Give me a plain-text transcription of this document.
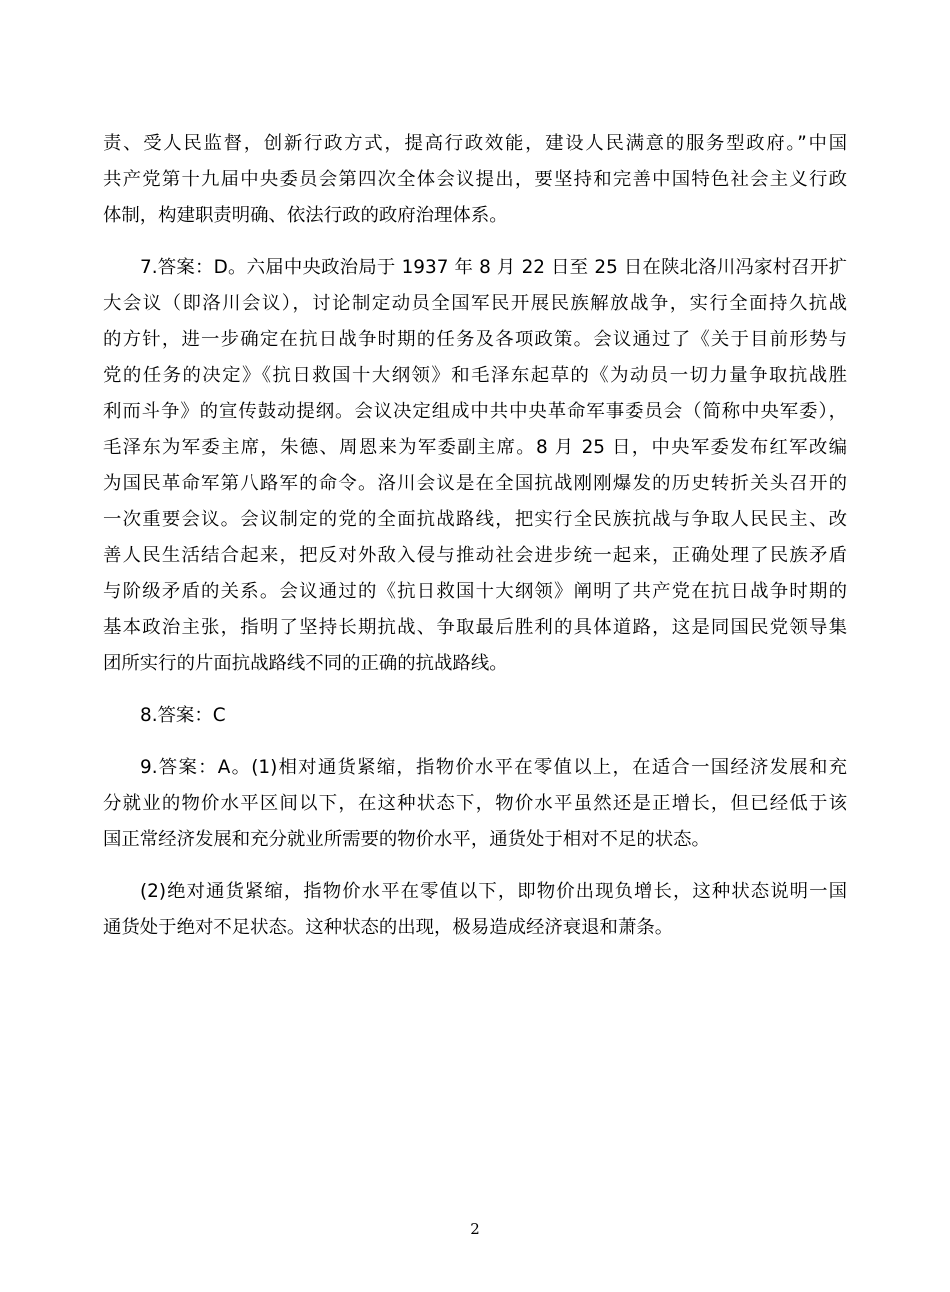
责、受人民监督，创新行政方式，提高行政效能，建设人民满意的服务型政府。”中国
共产党第十九届中央委员会第四次全体会议提出，要坚持和完善中国特色社会主义行政
体制，构建职责明确、依法行政的政府治理体系。
7.答案：D。六届中央政治局于 1937 年 8 月 22 日至 25 日在陕北洛川冯家村召开扩
大会议（即洛川会议），讨论制定动员全国军民开展民族解放战争，实行全面持久抗战
的方针，进一步确定在抗日战争时期的任务及各项政策。会议通过了《关于目前形势与
党的任务的决定》《抗日救国十大纲领》和毛泽东起草的《为动员一切力量争取抗战胜
利而斗争》的宣传鼓动提纲。会议决定组成中共中央革命军事委员会（简称中央军委），
毛泽东为军委主席，朱德、周恩来为军委副主席。8 月 25 日，中央军委发布红军改编
为国民革命军第八路军的命令。洛川会议是在全国抗战刚刚爆发的历史转折关头召开的
一次重要会议。会议制定的党的全面抗战路线，把实行全民族抗战与争取人民民主、改
善人民生活结合起来，把反对外敌入侵与推动社会进步统一起来，正确处理了民族矛盾
与阶级矛盾的关系。会议通过的《抗日救国十大纲领》阐明了共产党在抗日战争时期的
基本政治主张，指明了坚持长期抗战、争取最后胜利的具体道路，这是同国民党领导集
团所实行的片面抗战路线不同的正确的抗战路线。
8.答案：C
9.答案：A。(1)相对通货紧缩，指物价水平在零值以上，在适合一国经济发展和充
分就业的物价水平区间以下，在这种状态下，物价水平虽然还是正增长，但已经低于该
国正常经济发展和充分就业所需要的物价水平，通货处于相对不足的状态。
(2)绝对通货紧缩，指物价水平在零值以下，即物价出现负增长，这种状态说明一国
通货处于绝对不足状态。这种状态的出现，极易造成经济衰退和萧条。
2
